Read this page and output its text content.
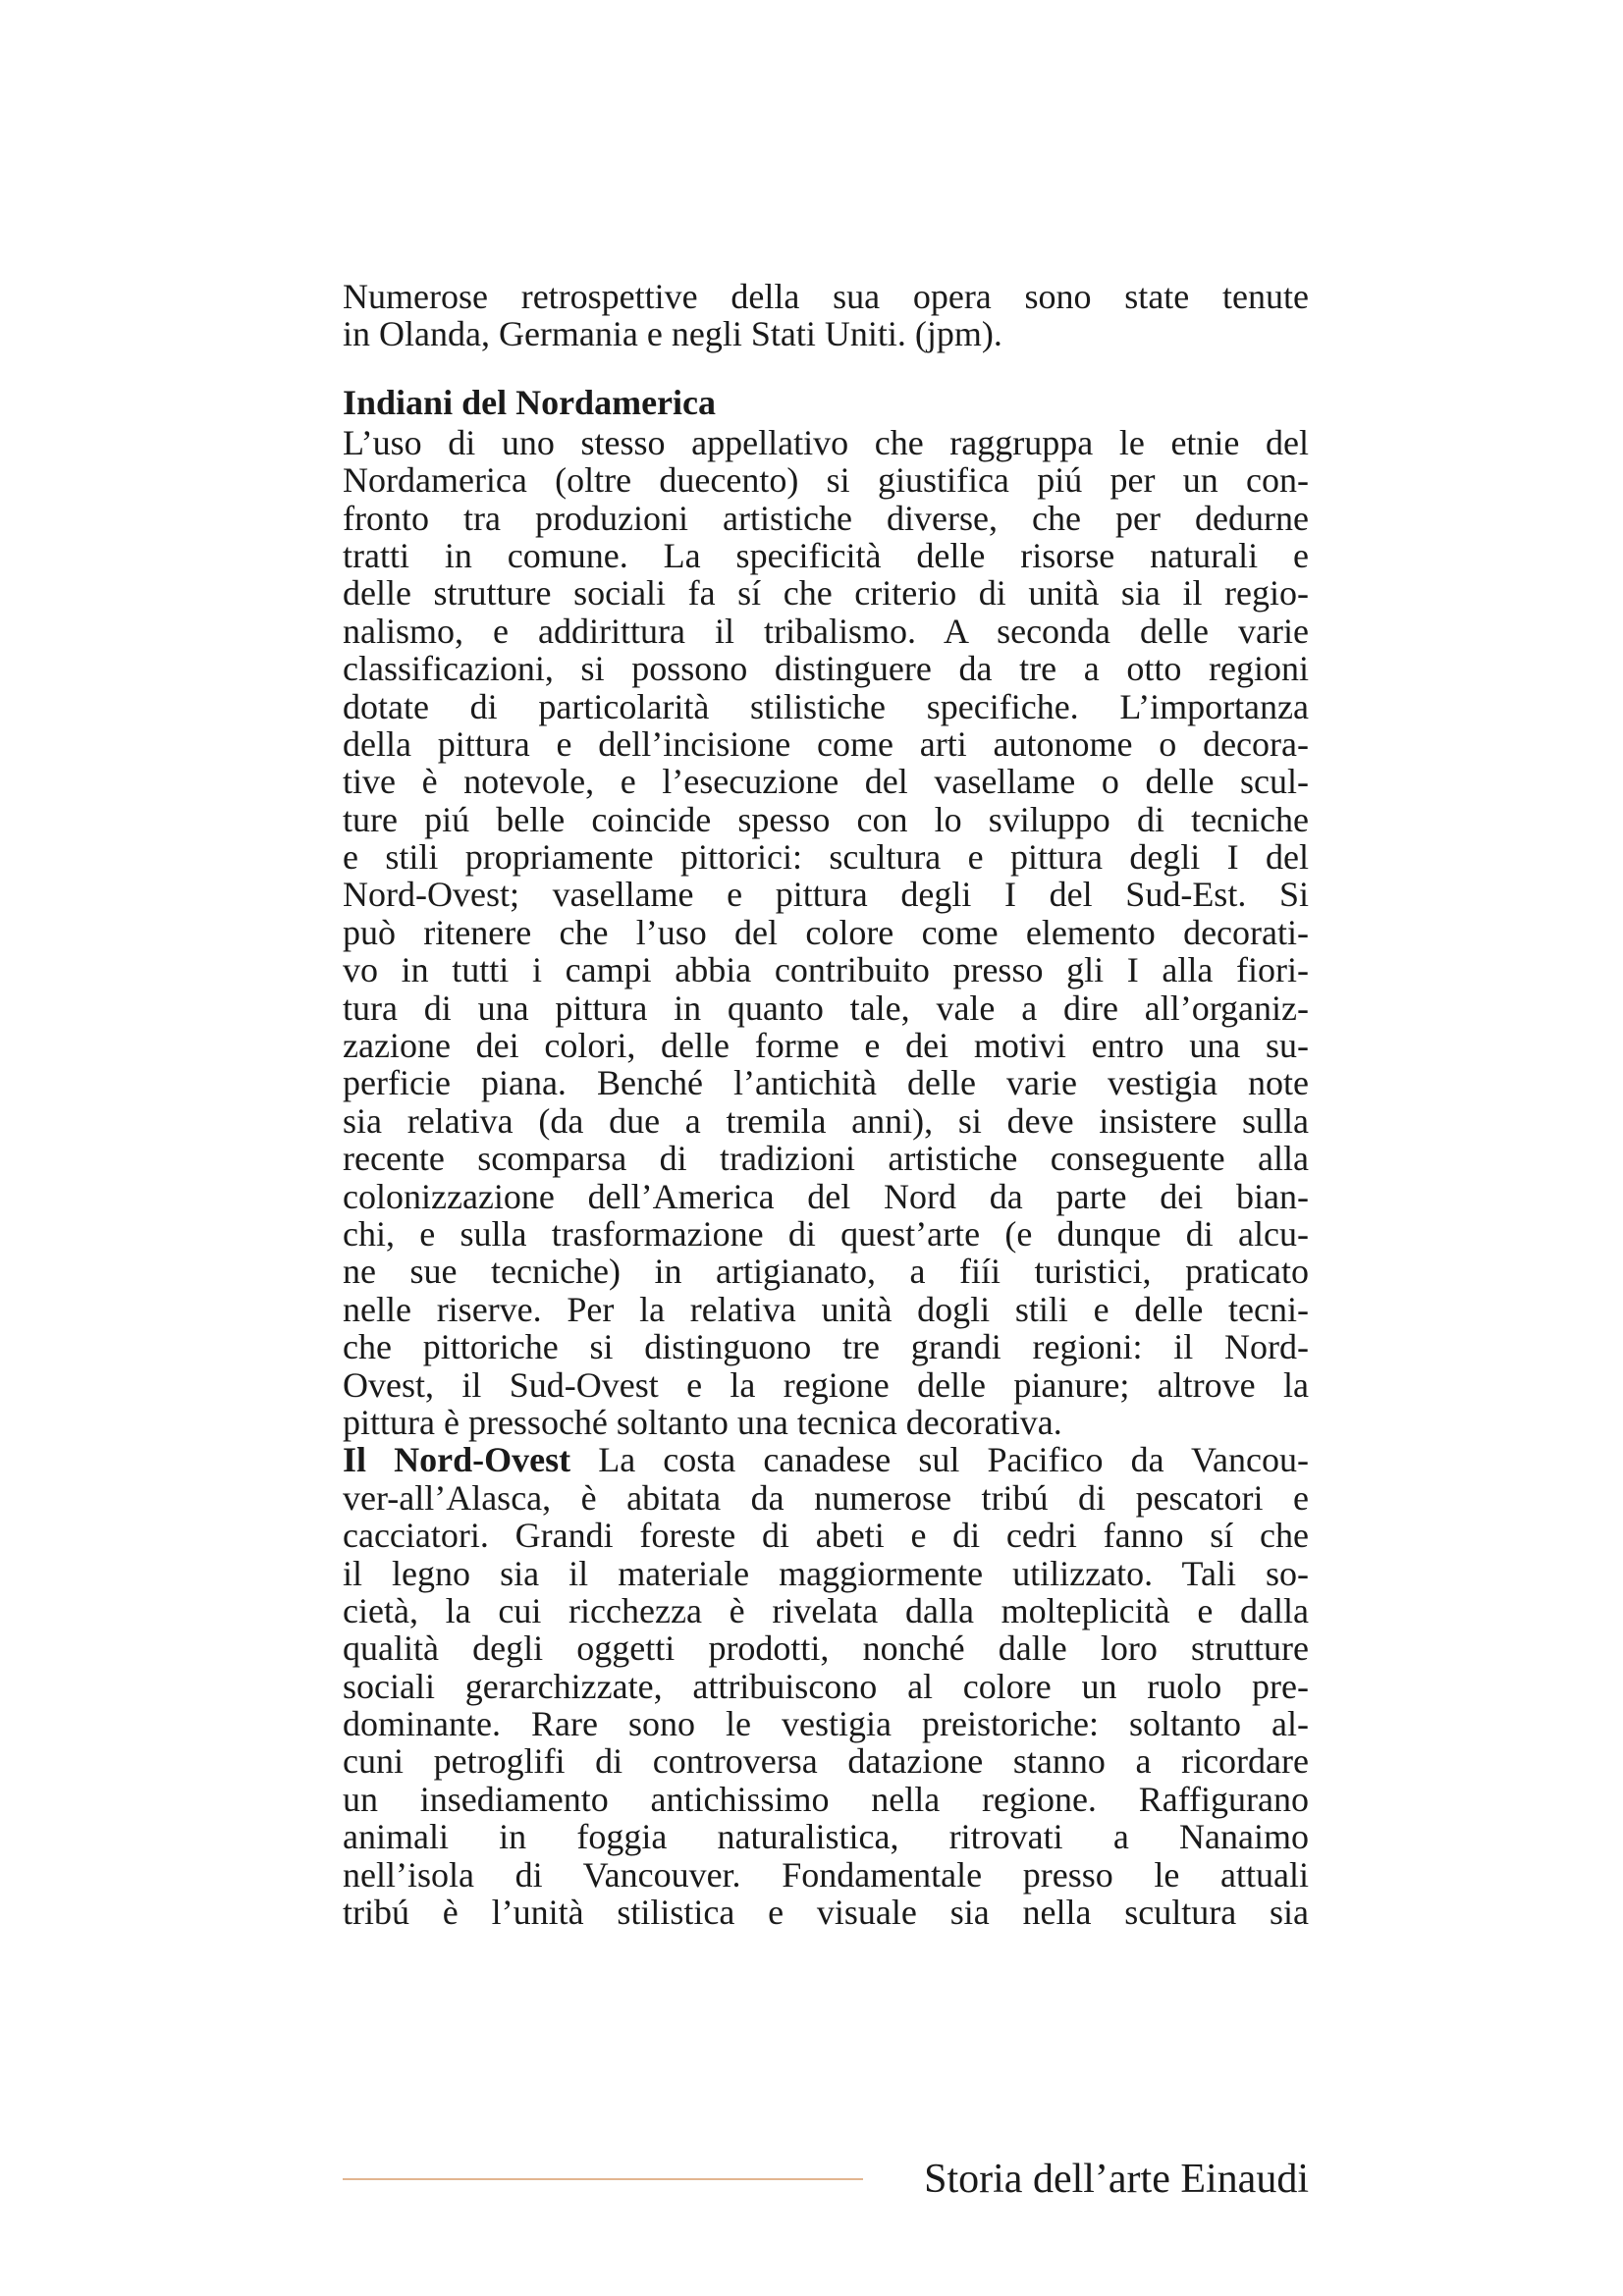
Numerose retrospettive della sua opera sono state tenute
in Olanda, Germania e negli Stati Uniti. (jpm).
Indiani del Nordamerica
L’uso di uno stesso appellativo che raggruppa le etnie del
Nordamerica (oltre duecento) si giustifica piú per un con-
fronto tra produzioni artistiche diverse, che per dedurne
tratti in comune. La specificità delle risorse naturali e
delle strutture sociali fa sí che criterio di unità sia il regio-
nalismo, e addirittura il tribalismo. A seconda delle varie
classificazioni, si possono distinguere da tre a otto regioni
dotate di particolarità stilistiche specifiche. L’importanza
della pittura e dell’incisione come arti autonome o decora-
tive è notevole, e l’esecuzione del vasellame o delle scul-
ture piú belle coincide spesso con lo sviluppo di tecniche
e stili propriamente pittorici: scultura e pittura degli I del
Nord-Ovest; vasellame e pittura degli I del Sud-Est. Si
può ritenere che l’uso del colore come elemento decorati-
vo in tutti i campi abbia contribuito presso gli I alla fiori-
tura di una pittura in quanto tale, vale a dire all’organiz-
zazione dei colori, delle forme e dei motivi entro una su-
perficie piana. Benché l’antichità delle varie vestigia note
sia relativa (da due a tremila anni), si deve insistere sulla
recente scomparsa di tradizioni artistiche conseguente alla
colonizzazione dell’America del Nord da parte dei bian-
chi, e sulla trasformazione di quest’arte (e dunque di alcu-
ne sue tecniche) in artigianato, a fiíi turistici, praticato
nelle riserve. Per la relativa unità dogli stili e delle tecni-
che pittoriche si distinguono tre grandi regioni: il Nord-
Ovest, il Sud-Ovest e la regione delle pianure; altrove la
pittura è pressoché soltanto una tecnica decorativa.
Il Nord-Ovest La costa canadese sul Pacifico da Vancou-
ver-all’Alasca, è abitata da numerose tribú di pescatori e
cacciatori. Grandi foreste di abeti e di cedri fanno sí che
il legno sia il materiale maggiormente utilizzato. Tali so-
cietà, la cui ricchezza è rivelata dalla molteplicità e dalla
qualità degli oggetti prodotti, nonché dalle loro strutture
sociali gerarchizzate, attribuiscono al colore un ruolo pre-
dominante. Rare sono le vestigia preistoriche: soltanto al-
cuni petroglifi di controversa datazione stanno a ricordare
un insediamento antichissimo nella regione. Raffigurano
animali in foggia naturalistica, ritrovati a Nanaimo
nell’isola di Vancouver. Fondamentale presso le attuali
tribú è l’unità stilistica e visuale sia nella scultura sia
Storia dell’arte Einaudi
